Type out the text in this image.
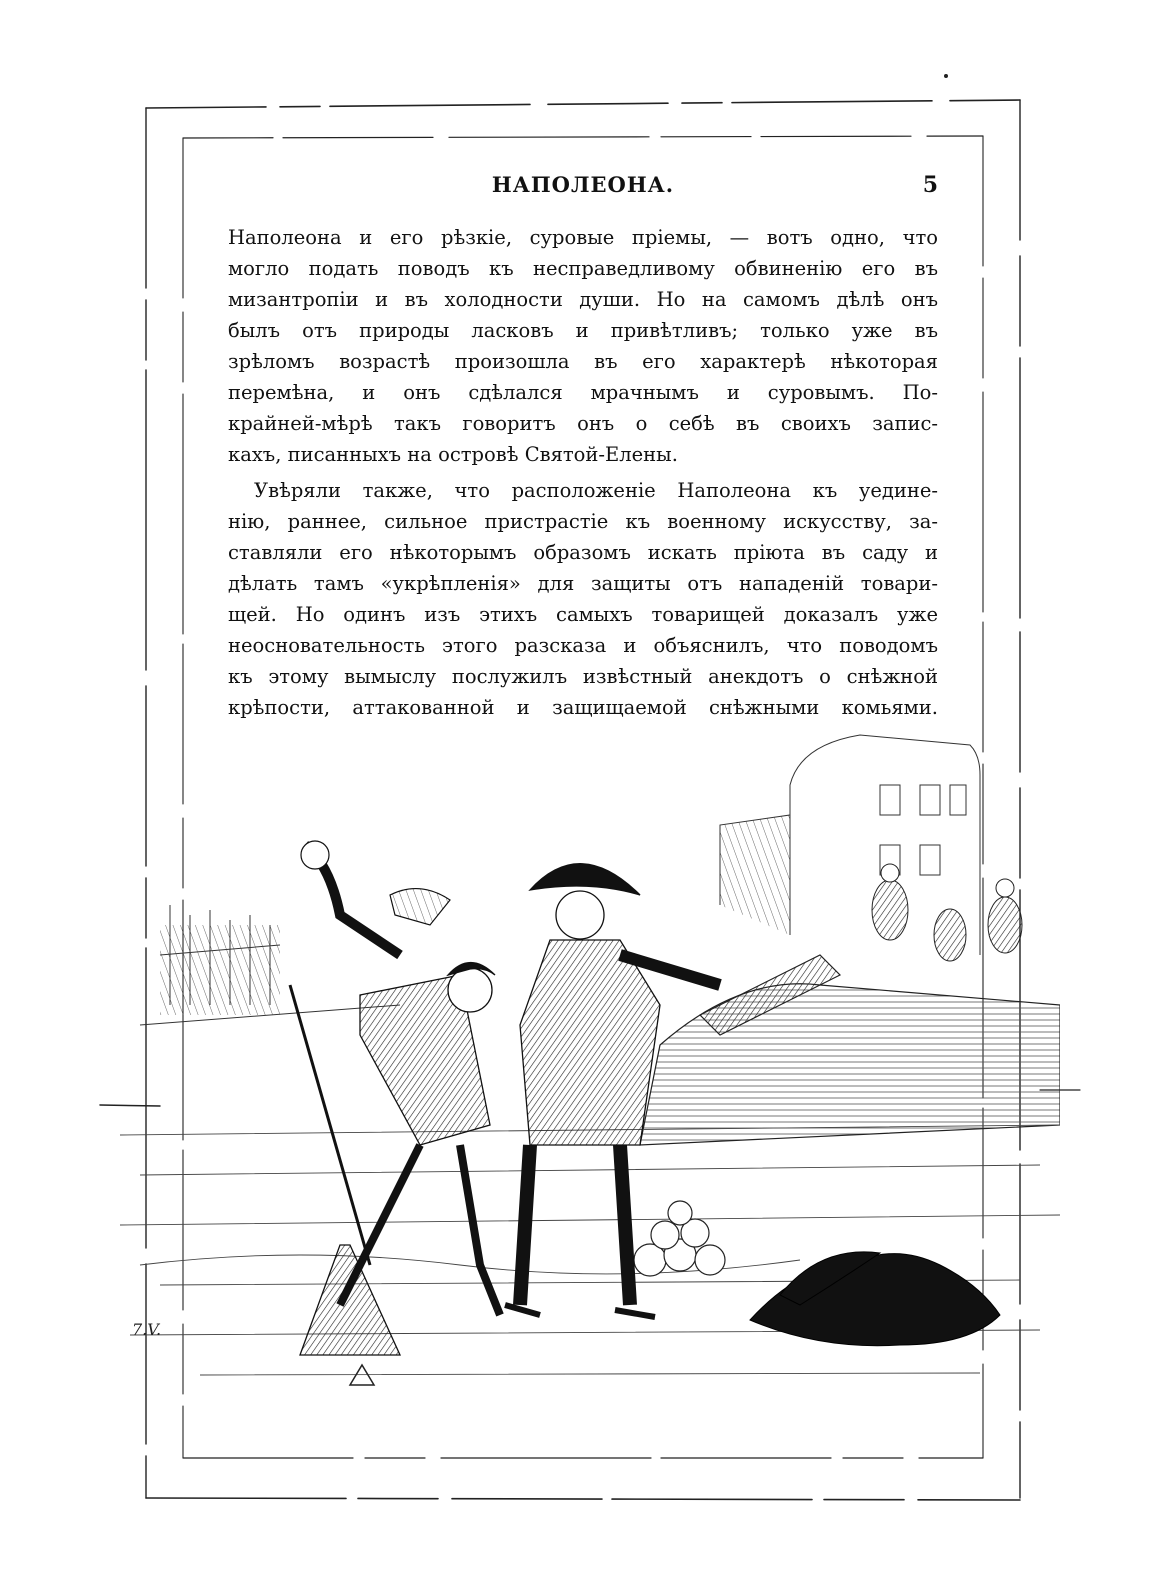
НАПОЛЕОНА.	5
Наполеона и его рѣзкіе, суровые пріемы, — вотъ одно, что
могло подать поводъ къ несправедливому обвиненію его въ
мизантропіи и въ холодности души. Но на самомъ дѣлѣ онъ
былъ отъ природы ласковъ и привѣтливъ; только уже въ
зрѣломъ возрастѣ произошла въ его характерѣ нѣкоторая
перемѣна, и онъ сдѣлался мрачнымъ и суровымъ. По-
крайней-мѣрѣ такъ говоритъ онъ о себѣ въ своихъ запис-
кахъ, писанныхъ на островѣ Святой-Елены.
Увѣряли также, что расположеніе Наполеона къ уедине-
нію, раннее, сильное пристрастіе къ военному искусству, за-
ставляли его нѣкоторымъ образомъ искать пріюта въ саду и
дѣлать тамъ «укрѣпленія» для защиты отъ нападеній товари-
щей. Но одинъ изъ этихъ самыхъ товарищей доказалъ уже
неосновательность этого разсказа и объяснилъ, что поводомъ
къ этому вымыслу послужилъ извѣстный анекдотъ о снѣжной
крѣпости, аттакованной и защищаемой снѣжными комьями.
7.V.
